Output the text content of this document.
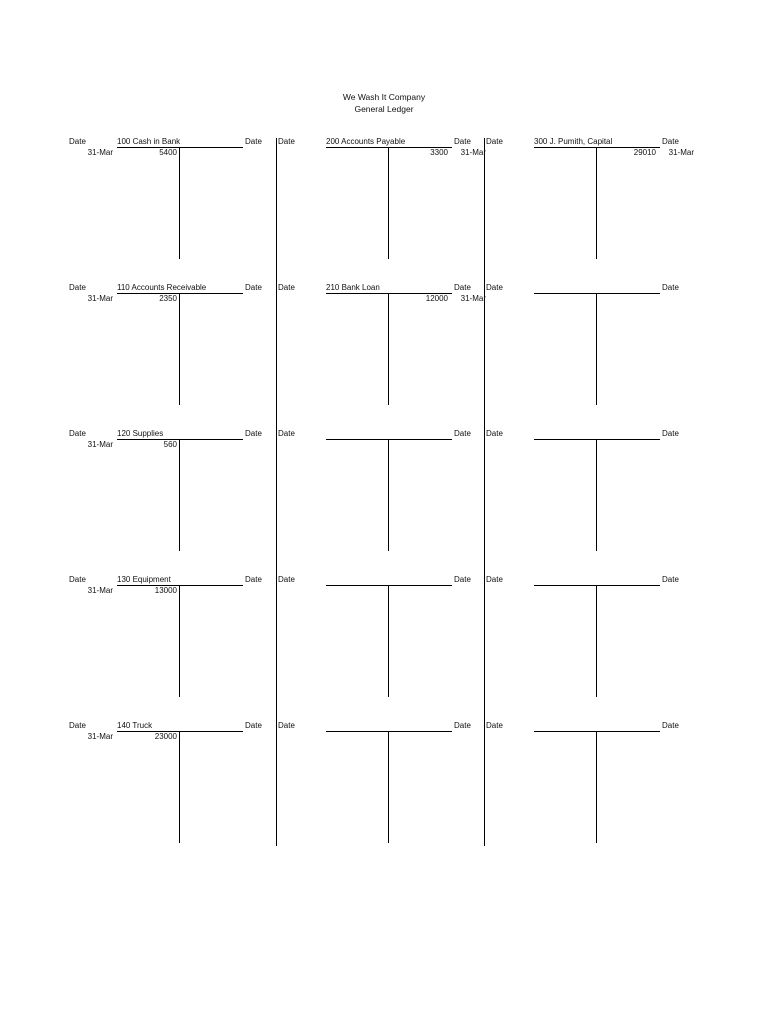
We Wash It Company
General Ledger
Date	100 Cash in Bank	Date
31-Mar	5400
Date	110 Accounts Receivable	Date
31-Mar	2350
Date	120 Supplies	Date
31-Mar	560
Date	130 Equipment	Date
31-Mar	13000
Date	140 Truck	Date
31-Mar	23000
Date	200 Accounts Payable	Date
3300	31-Mar
Date	210 Bank Loan	Date
12000	31-Mar
Date	Date
Date	Date
Date	Date
Date	300 J. Pumith, Capital	Date
29010	31-Mar
Date	Date
Date	Date
Date	Date
Date	Date
